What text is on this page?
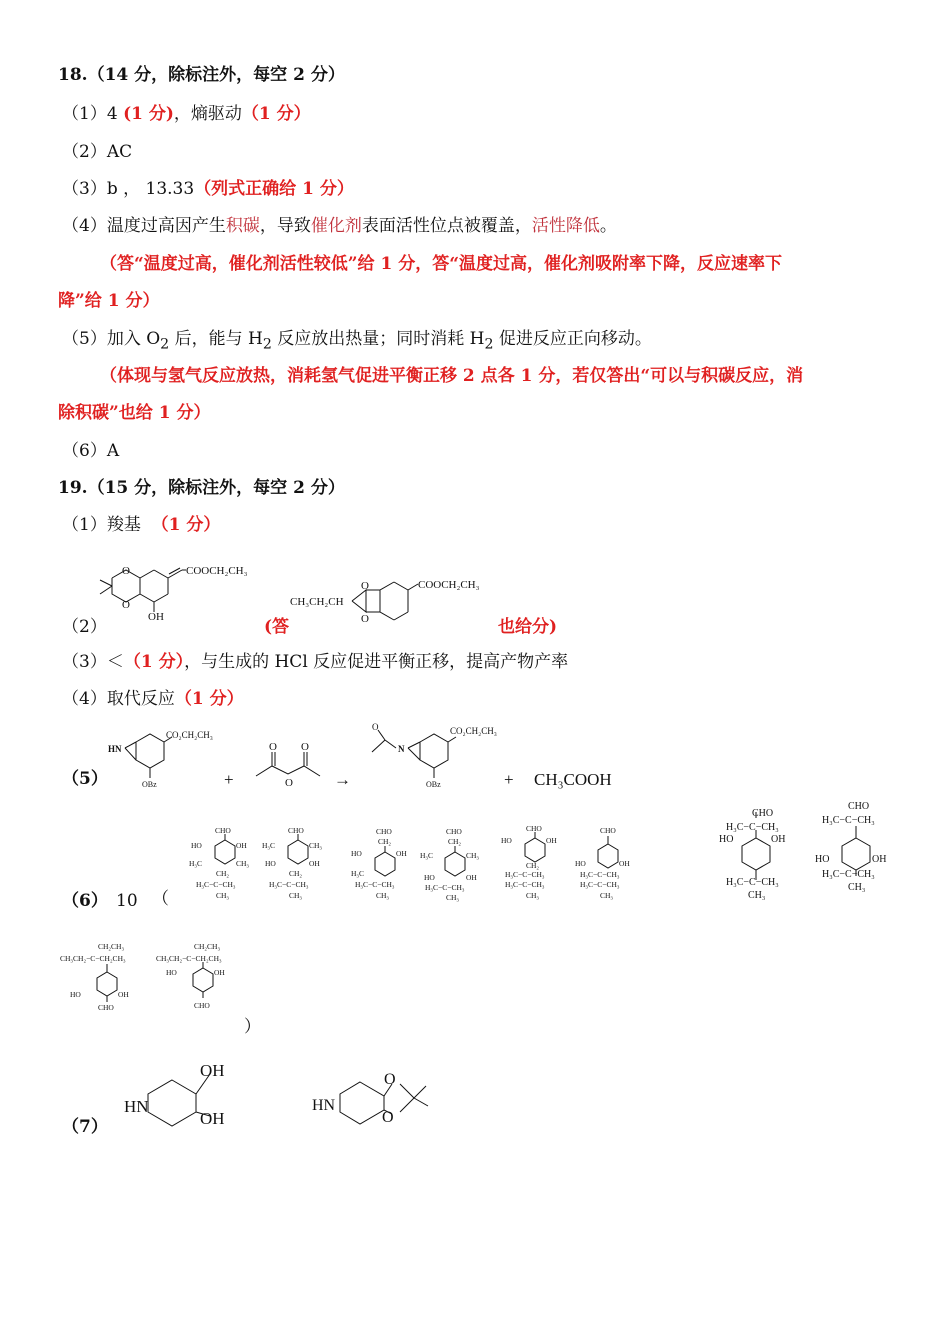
18.（14 分，除标注外，每空 2 分）
（1）4 (1 分)，熵驱动（1 分）
（2）AC
（3）b ， 13.33（列式正确给 1 分）
（4）温度过高因产生积碳，导致催化剂表面活性位点被覆盖，活性降低。
（答“温度过高，催化剂活性较低”给 1 分，答“温度过高，催化剂吸附率下降，反应速率下
降”给 1 分）
（5）加入 $O_2$ 后，能与 $H_2$ 反应放出热量；同时消耗 $H_2$ 促进反应正向移动。
（体现与氢气反应放热，消耗氢气促进平衡正移 2 点各 1 分，若仅答出“可以与积碳反应，消
除积碳”也给 1 分）
（6）A
19.（15 分，除标注外，每空 2 分）
（1）羧基 （1 分）
（2）
COOCH₂CH₃
OH
O
O	CH₃CH₂CH
COOCH₂CH₃
O
O
(答	也给分)
（3）＜（1 分），与生成的 HCl 反应促进平衡正移，提高产物产率
（4）取代反应（1 分）
（5）
HN
CO₂CH₂CH₃
OBz	+
O
O
O
→
N
O	CO₂CH₂CH₃
OBz	+ CH₃COOH
（6） 10 （
）
CHO
HO	OH
H₃C	CH₃
CH₂
H₃C−C−CH₃
CH₃
CHO
H₃C	CH₃
HO	OH
CH₂
H₃C−C−CH₃
CH₃
CHO
CH₂
HO	OH
H₃C
H₃C−C−CH₃
CH₃
CHO
CH₂
H₃C	CH₃
HO	OH
H₃C−C−CH₃
CH₃
CHO
HO	OH
CH₂
H₃C−C−CH₃
H₃C−C−CH₃
CH₃
CHO
HO	OH
H₃C−C−CH₃
H₃C−C−CH₃
CH₃
CHO
H₃C−C−CH₃
HO	OH
H₃C−C−CH₃
CH₃
CHO
H₃C−C−CH₃
HO	OH
H₃C−C−CH₃
CH₃
CH₂CH₃
CH₃CH₂−C−CH₂CH₃
HO	OH
CHO
CH₂CH₃
CH₃CH₂−C−CH₂CH₃
HO	OH
CHO
（7）
OH
OH
HN	HN
O
O
